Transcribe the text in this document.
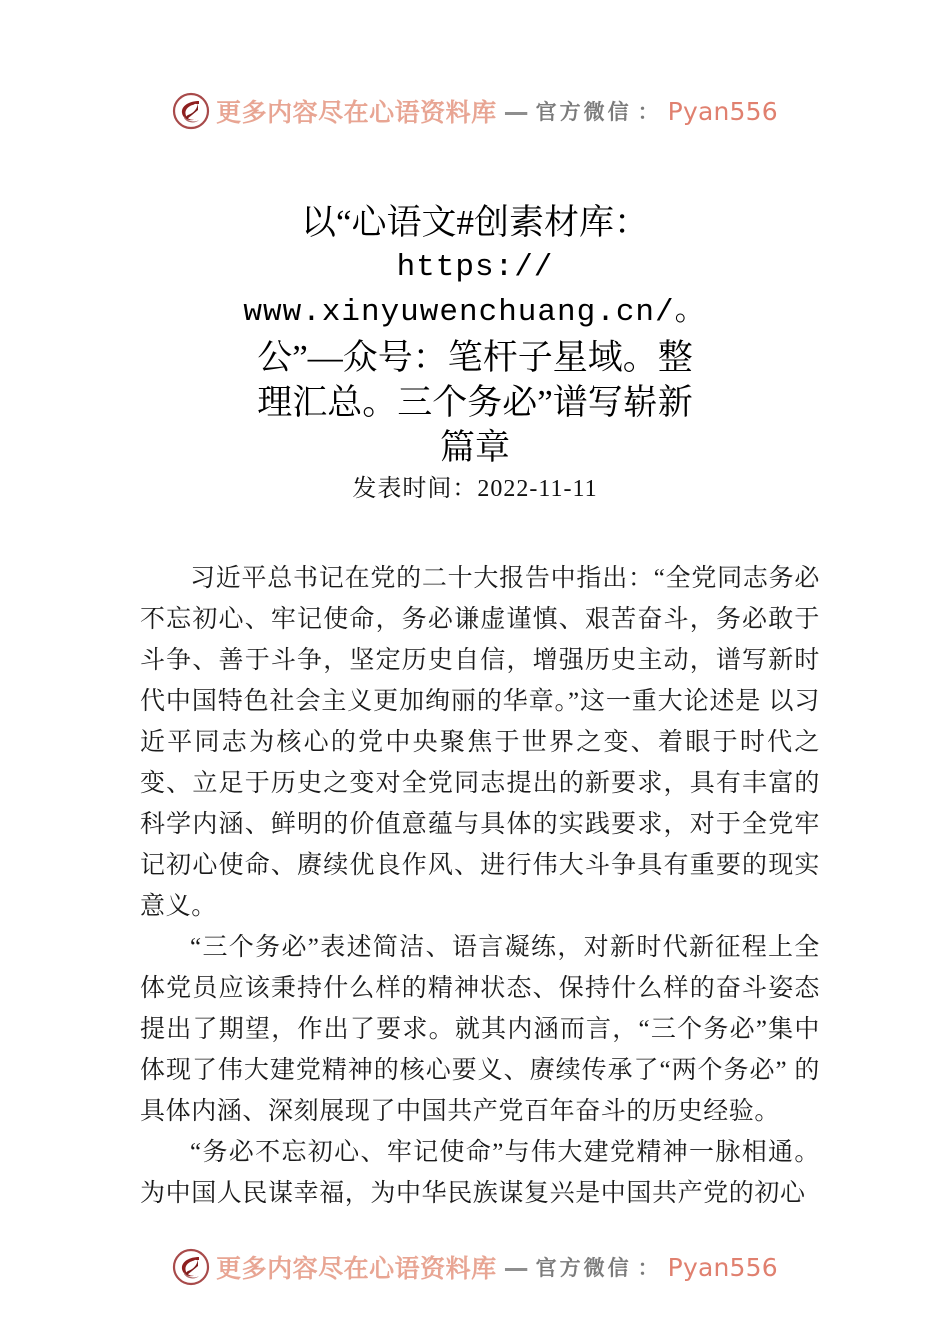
更多内容尽在心语资料库 — 官方微信 ： Pyan556
以“心语文#创素材库：
https://
www.xinyuwenchuang.cn/。
公”—众号：笔杆子星域。整
理汇总。三个务必”谱写崭新
篇章
发表时间：2022-11-11

习近平总书记在党的二十大报告中指出：“全党同志务必不忘初心、牢记使命，务必谦虚谨慎、艰苦奋斗，务必敢于斗争、善于斗争，坚定历史自信，增强历史主动，谱写新时代中国特色社会主义更加绚丽的华章。”这一重大论述是 以习近平同志为核心的党中央聚焦于世界之变、着眼于时代之变、立足于历史之变对全党同志提出的新要求，具有丰富的科学内涵、鲜明的价值意蕴与具体的实践要求，对于全党牢记初心使命、赓续优良作风、进行伟大斗争具有重要的现实意义。

“三个务必”表述简洁、语言凝练，对新时代新征程上全体党员应该秉持什么样的精神状态、保持什么样的奋斗姿态提出了期望，作出了要求。就其内涵而言，“三个务必”集中体现了伟大建党精神的核心要义、赓续传承了“两个务必” 的具体内涵、深刻展现了中国共产党百年奋斗的历史经验。

“务必不忘初心、牢记使命”与伟大建党精神一脉相通。为中国人民谋幸福，为中华民族谋复兴是中国共产党的初心

更多内容尽在心语资料库 — 官方微信 ： Pyan556
